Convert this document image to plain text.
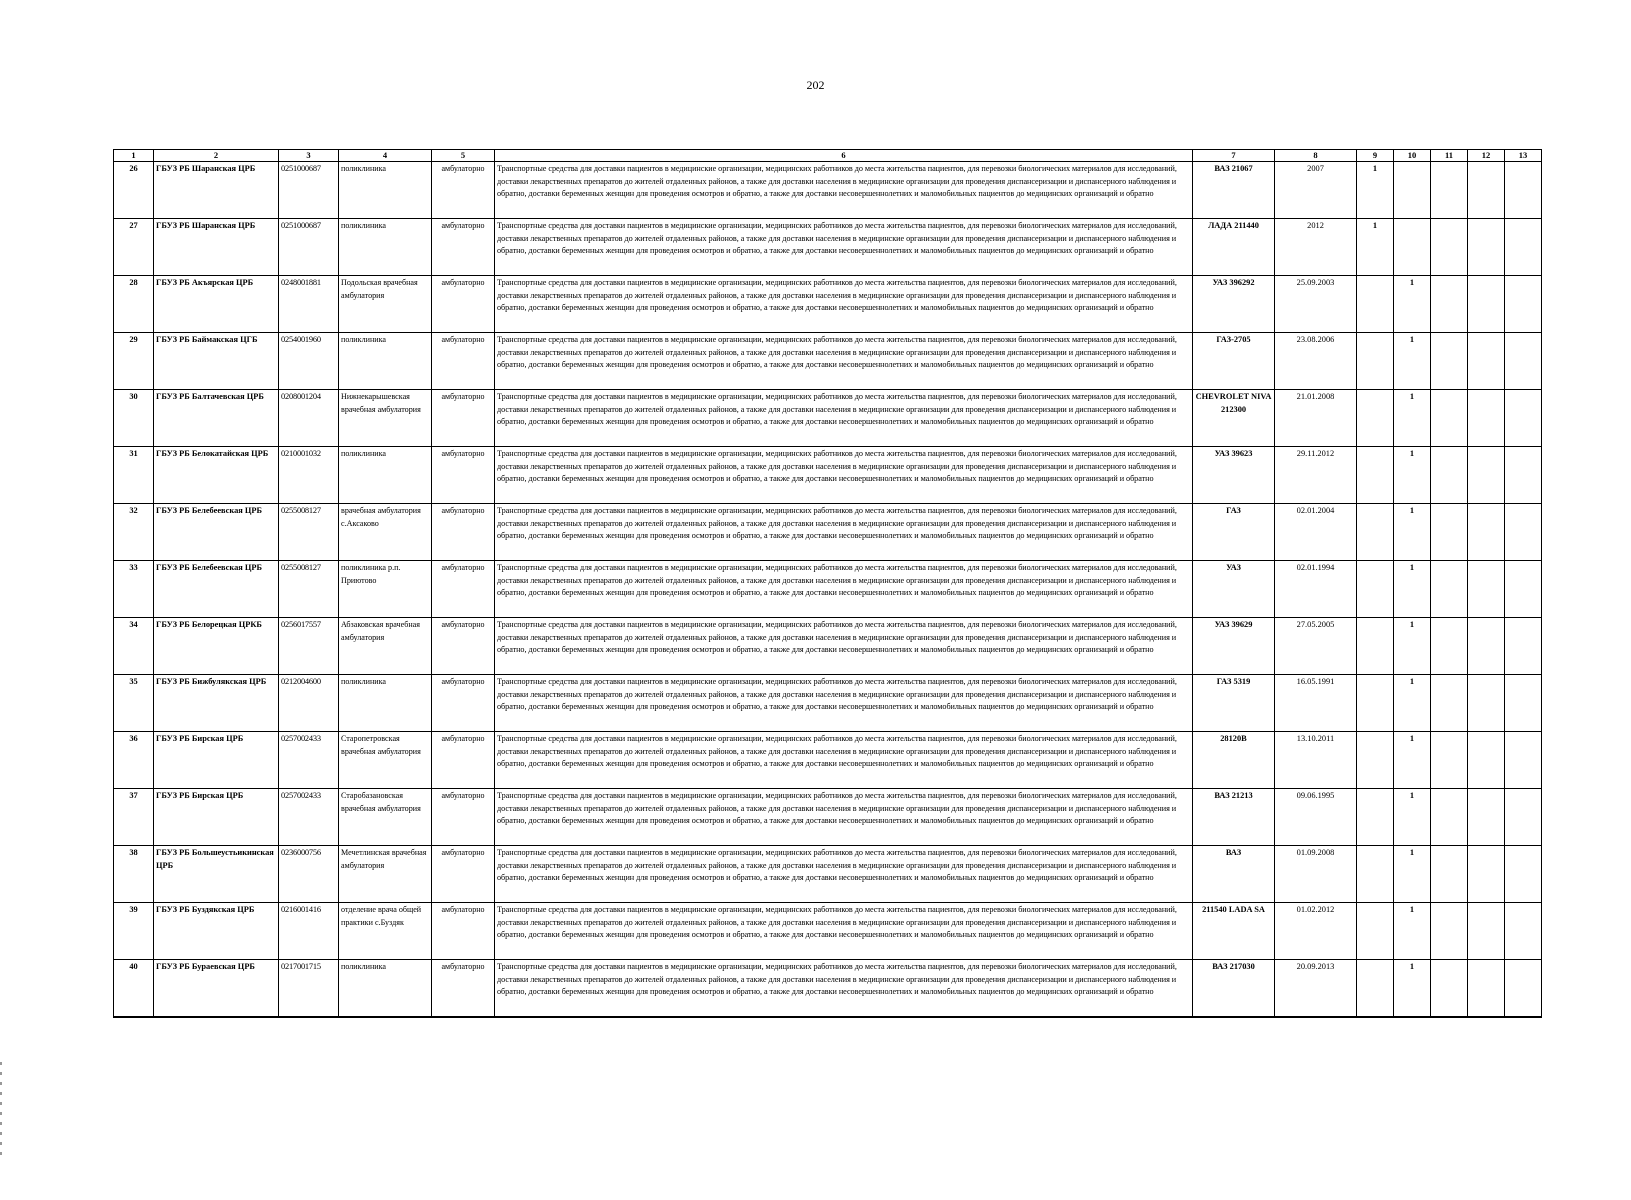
202
1	2	3	4	5	6	7	8	9	10	11	12	13
26	ГБУЗ РБ Шаранская ЦРБ	0251000687	поликлиника	амбулаторно	Транспортные средства для доставки пациентов в медицинские организации, медицинских работников до места жительства пациентов, для перевозки биологических материалов для исследований, доставки лекарственных препаратов до жителей отдаленных районов, а также для доставки населения в медицинские организации для проведения диспансеризации и диспансерного наблюдения и обратно, доставки беременных женщин для проведения осмотров и обратно, а также для доставки несовершеннолетних и маломобильных пациентов до медицинских организаций и обратно	ВАЗ 21067	2007	1				
27	ГБУЗ РБ Шаранская ЦРБ	0251000687	поликлиника	амбулаторно	Транспортные средства для доставки пациентов в медицинские организации, медицинских работников до места жительства пациентов, для перевозки биологических материалов для исследований, доставки лекарственных препаратов до жителей отдаленных районов, а также для доставки населения в медицинские организации для проведения диспансеризации и диспансерного наблюдения и обратно, доставки беременных женщин для проведения осмотров и обратно, а также для доставки несовершеннолетних и маломобильных пациентов до медицинских организаций и обратно	ЛАДА 211440	2012	1				
28	ГБУЗ РБ Акъярская ЦРБ	0248001881	Подольская врачебная амбулатория	амбулаторно	Транспортные средства для доставки пациентов в медицинские организации, медицинских работников до места жительства пациентов, для перевозки биологических материалов для исследований, доставки лекарственных препаратов до жителей отдаленных районов, а также для доставки населения в медицинские организации для проведения диспансеризации и диспансерного наблюдения и обратно, доставки беременных женщин для проведения осмотров и обратно, а также для доставки несовершеннолетних и маломобильных пациентов до медицинских организаций и обратно	УАЗ 396292	25.09.2003		1			
29	ГБУЗ РБ Баймакская ЦГБ	0254001960	поликлиника	амбулаторно	Транспортные средства для доставки пациентов в медицинские организации, медицинских работников до места жительства пациентов, для перевозки биологических материалов для исследований, доставки лекарственных препаратов до жителей отдаленных районов, а также для доставки населения в медицинские организации для проведения диспансеризации и диспансерного наблюдения и обратно, доставки беременных женщин для проведения осмотров и обратно, а также для доставки несовершеннолетних и маломобильных пациентов до медицинских организаций и обратно	ГАЗ-2705	23.08.2006		1			
30	ГБУЗ РБ Балтачевская ЦРБ	0208001204	Нижнекарышевская врачебная амбулатория	амбулаторно	Транспортные средства для доставки пациентов в медицинские организации, медицинских работников до места жительства пациентов, для перевозки биологических материалов для исследований, доставки лекарственных препаратов до жителей отдаленных районов, а также для доставки населения в медицинские организации для проведения диспансеризации и диспансерного наблюдения и обратно, доставки беременных женщин для проведения осмотров и обратно, а также для доставки несовершеннолетних и маломобильных пациентов до медицинских организаций и обратно	CHEVROLET NIVA 212300	21.01.2008		1			
31	ГБУЗ РБ Белокатайская ЦРБ	0210001032	поликлиника	амбулаторно	Транспортные средства для доставки пациентов в медицинские организации, медицинских работников до места жительства пациентов, для перевозки биологических материалов для исследований, доставки лекарственных препаратов до жителей отдаленных районов, а также для доставки населения в медицинские организации для проведения диспансеризации и диспансерного наблюдения и обратно, доставки беременных женщин для проведения осмотров и обратно, а также для доставки несовершеннолетних и маломобильных пациентов до медицинских организаций и обратно	УАЗ 39623	29.11.2012		1			
32	ГБУЗ РБ Белебеевская ЦРБ	0255008127	врачебная амбулатория с.Аксаково	амбулаторно	Транспортные средства для доставки пациентов в медицинские организации, медицинских работников до места жительства пациентов, для перевозки биологических материалов для исследований, доставки лекарственных препаратов до жителей отдаленных районов, а также для доставки населения в медицинские организации для проведения диспансеризации и диспансерного наблюдения и обратно, доставки беременных женщин для проведения осмотров и обратно, а также для доставки несовершеннолетних и маломобильных пациентов до медицинских организаций и обратно	ГАЗ	02.01.2004		1			
33	ГБУЗ РБ Белебеевская ЦРБ	0255008127	поликлиника р.п. Приютово	амбулаторно	Транспортные средства для доставки пациентов в медицинские организации, медицинских работников до места жительства пациентов, для перевозки биологических материалов для исследований, доставки лекарственных препаратов до жителей отдаленных районов, а также для доставки населения в медицинские организации для проведения диспансеризации и диспансерного наблюдения и обратно, доставки беременных женщин для проведения осмотров и обратно, а также для доставки несовершеннолетних и маломобильных пациентов до медицинских организаций и обратно	УАЗ	02.01.1994		1			
34	ГБУЗ РБ Белорецкая ЦРКБ	0256017557	Абзаковская врачебная амбулатория	амбулаторно	Транспортные средства для доставки пациентов в медицинские организации, медицинских работников до места жительства пациентов, для перевозки биологических материалов для исследований, доставки лекарственных препаратов до жителей отдаленных районов, а также для доставки населения в медицинские организации для проведения диспансеризации и диспансерного наблюдения и обратно, доставки беременных женщин для проведения осмотров и обратно, а также для доставки несовершеннолетних и маломобильных пациентов до медицинских организаций и обратно	УАЗ 39629	27.05.2005		1			
35	ГБУЗ РБ Бижбулякская ЦРБ	0212004600	поликлиника	амбулаторно	Транспортные средства для доставки пациентов в медицинские организации, медицинских работников до места жительства пациентов, для перевозки биологических материалов для исследований, доставки лекарственных препаратов до жителей отдаленных районов, а также для доставки населения в медицинские организации для проведения диспансеризации и диспансерного наблюдения и обратно, доставки беременных женщин для проведения осмотров и обратно, а также для доставки несовершеннолетних и маломобильных пациентов до медицинских организаций и обратно	ГАЗ 5319	16.05.1991		1			
36	ГБУЗ РБ Бирская ЦРБ	0257002433	Старопетровская врачебная амбулатория	амбулаторно	Транспортные средства для доставки пациентов в медицинские организации, медицинских работников до места жительства пациентов, для перевозки биологических материалов для исследований, доставки лекарственных препаратов до жителей отдаленных районов, а также для доставки населения в медицинские организации для проведения диспансеризации и диспансерного наблюдения и обратно, доставки беременных женщин для проведения осмотров и обратно, а также для доставки несовершеннолетних и маломобильных пациентов до медицинских организаций и обратно	28120В	13.10.2011		1			
37	ГБУЗ РБ Бирская ЦРБ	0257002433	Старобазановская врачебная амбулатория	амбулаторно	Транспортные средства для доставки пациентов в медицинские организации, медицинских работников до места жительства пациентов, для перевозки биологических материалов для исследований, доставки лекарственных препаратов до жителей отдаленных районов, а также для доставки населения в медицинские организации для проведения диспансеризации и диспансерного наблюдения и обратно, доставки беременных женщин для проведения осмотров и обратно, а также для доставки несовершеннолетних и маломобильных пациентов до медицинских организаций и обратно	ВАЗ 21213	09.06.1995		1			
38	ГБУЗ РБ Большеустьикинская ЦРБ	0236000756	Мечетлинская врачебная амбулатория	амбулаторно	Транспортные средства для доставки пациентов в медицинские организации, медицинских работников до места жительства пациентов, для перевозки биологических материалов для исследований, доставки лекарственных препаратов до жителей отдаленных районов, а также для доставки населения в медицинские организации для проведения диспансеризации и диспансерного наблюдения и обратно, доставки беременных женщин для проведения осмотров и обратно, а также для доставки несовершеннолетних и маломобильных пациентов до медицинских организаций и обратно	ВАЗ	01.09.2008		1			
39	ГБУЗ РБ Буздякская ЦРБ	0216001416	отделение врача общей практики с.Буздяк	амбулаторно	Транспортные средства для доставки пациентов в медицинские организации, медицинских работников до места жительства пациентов, для перевозки биологических материалов для исследований, доставки лекарственных препаратов до жителей отдаленных районов, а также для доставки населения в медицинские организации для проведения диспансеризации и диспансерного наблюдения и обратно, доставки беременных женщин для проведения осмотров и обратно, а также для доставки несовершеннолетних и маломобильных пациентов до медицинских организаций и обратно	211540 LADA SA	01.02.2012		1			
40	ГБУЗ РБ Бураевская ЦРБ	0217001715	поликлиника	амбулаторно	Транспортные средства для доставки пациентов в медицинские организации, медицинских работников до места жительства пациентов, для перевозки биологических материалов для исследований, доставки лекарственных препаратов до жителей отдаленных районов, а также для доставки населения в медицинские организации для проведения диспансеризации и диспансерного наблюдения и обратно, доставки беременных женщин для проведения осмотров и обратно, а также для доставки несовершеннолетних и маломобильных пациентов до медицинских организаций и обратно	ВАЗ 217030	20.09.2013		1			
